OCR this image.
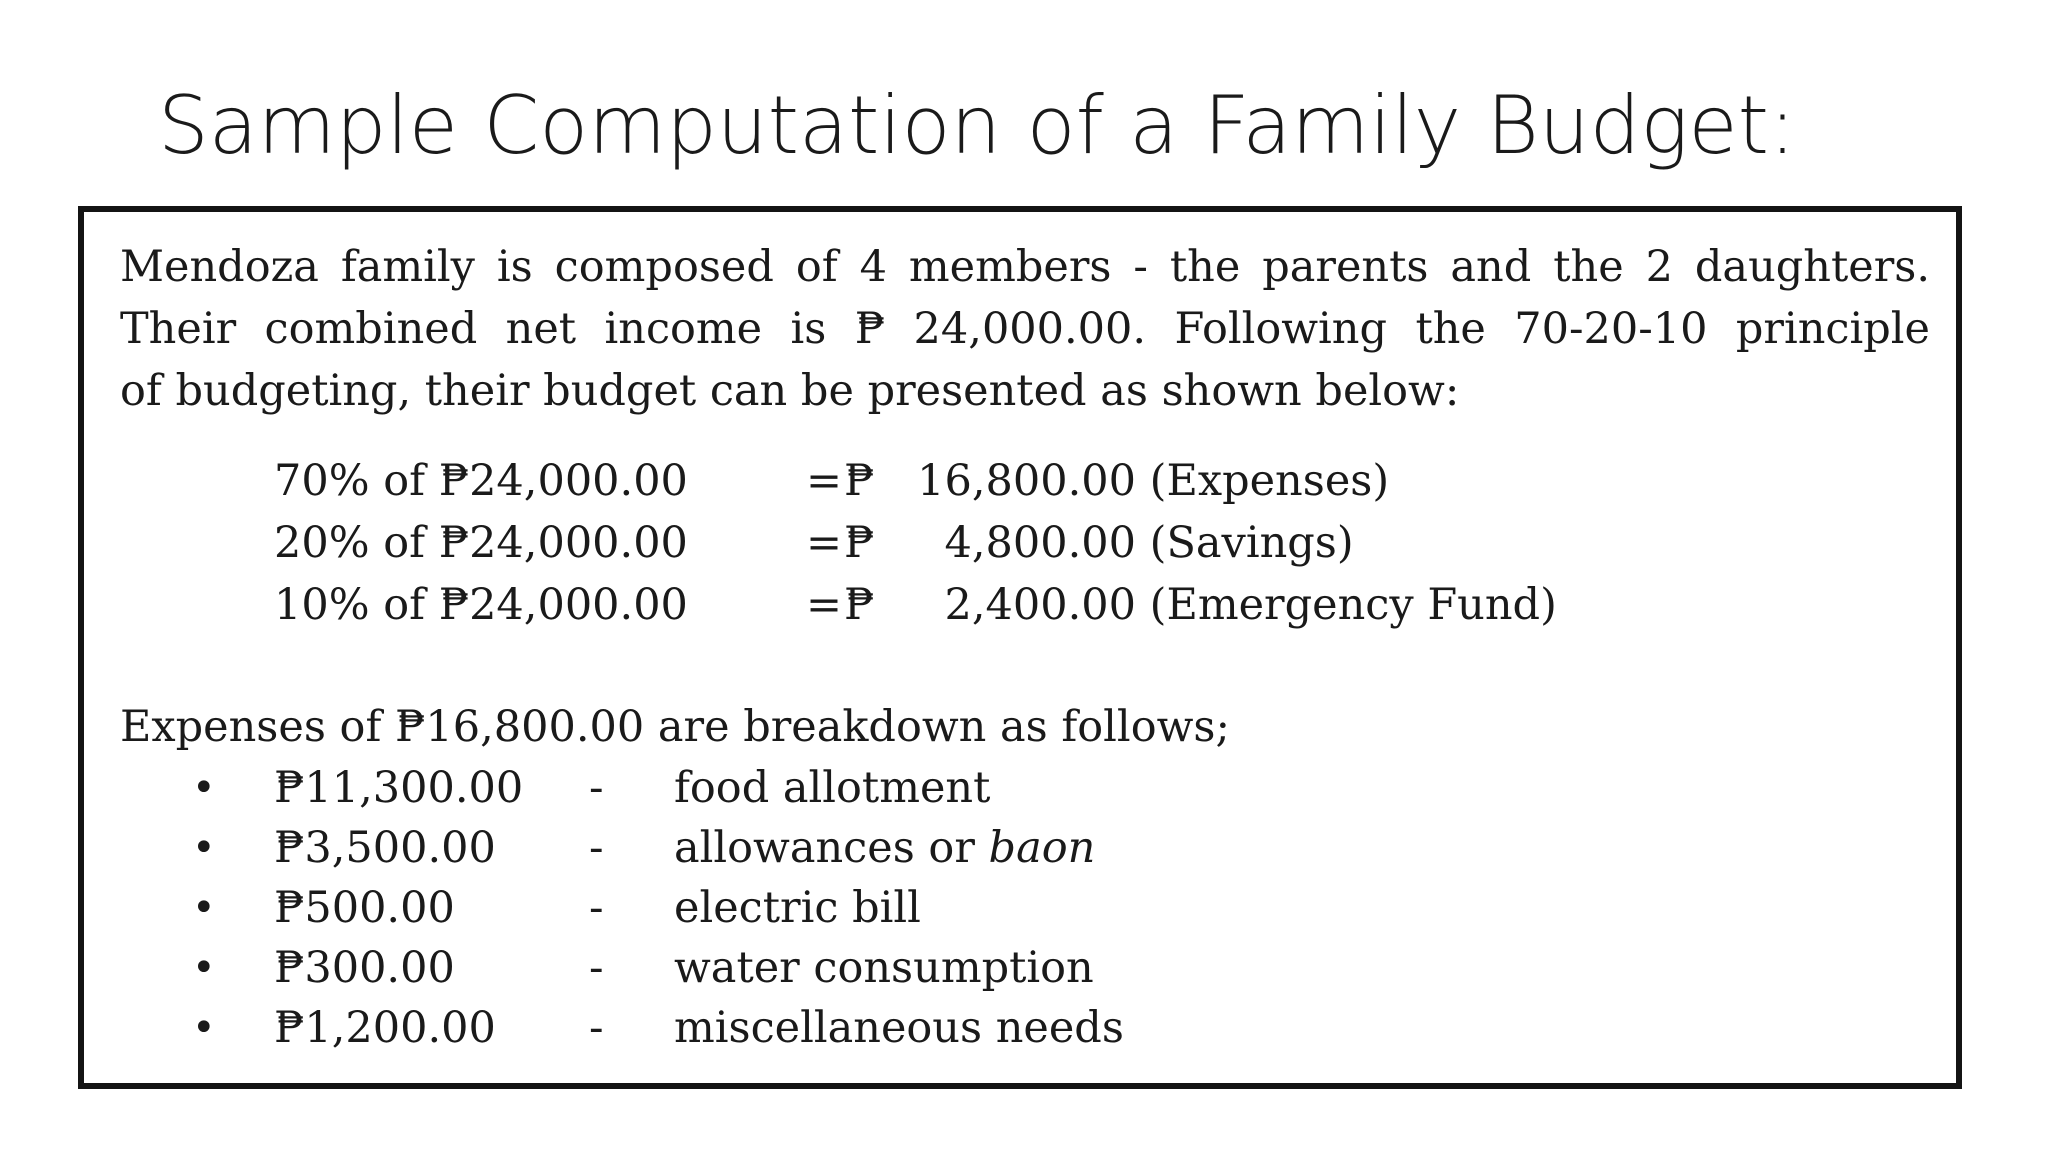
Sample Computation of a Family Budget:

Mendoza family is composed of 4 members - the parents and the 2 daughters.
Their combined net income is ₱ 24,000.00. Following the 70-20-10 principle
of budgeting, their budget can be presented as shown below:

70% of ₱24,000.00	=₱ 16,800.00 (Expenses)
20% of ₱24,000.00	=₱ 4,800.00 (Savings)
10% of ₱24,000.00	=₱ 2,400.00 (Emergency Fund)

Expenses of ₱16,800.00 are breakdown as follows;

• ₱11,300.00 - food allotment
• ₱3,500.00 - allowances or baon
• ₱500.00	- electric bill
• ₱300.00	- water consumption
• ₱1,200.00 - miscellaneous needs
